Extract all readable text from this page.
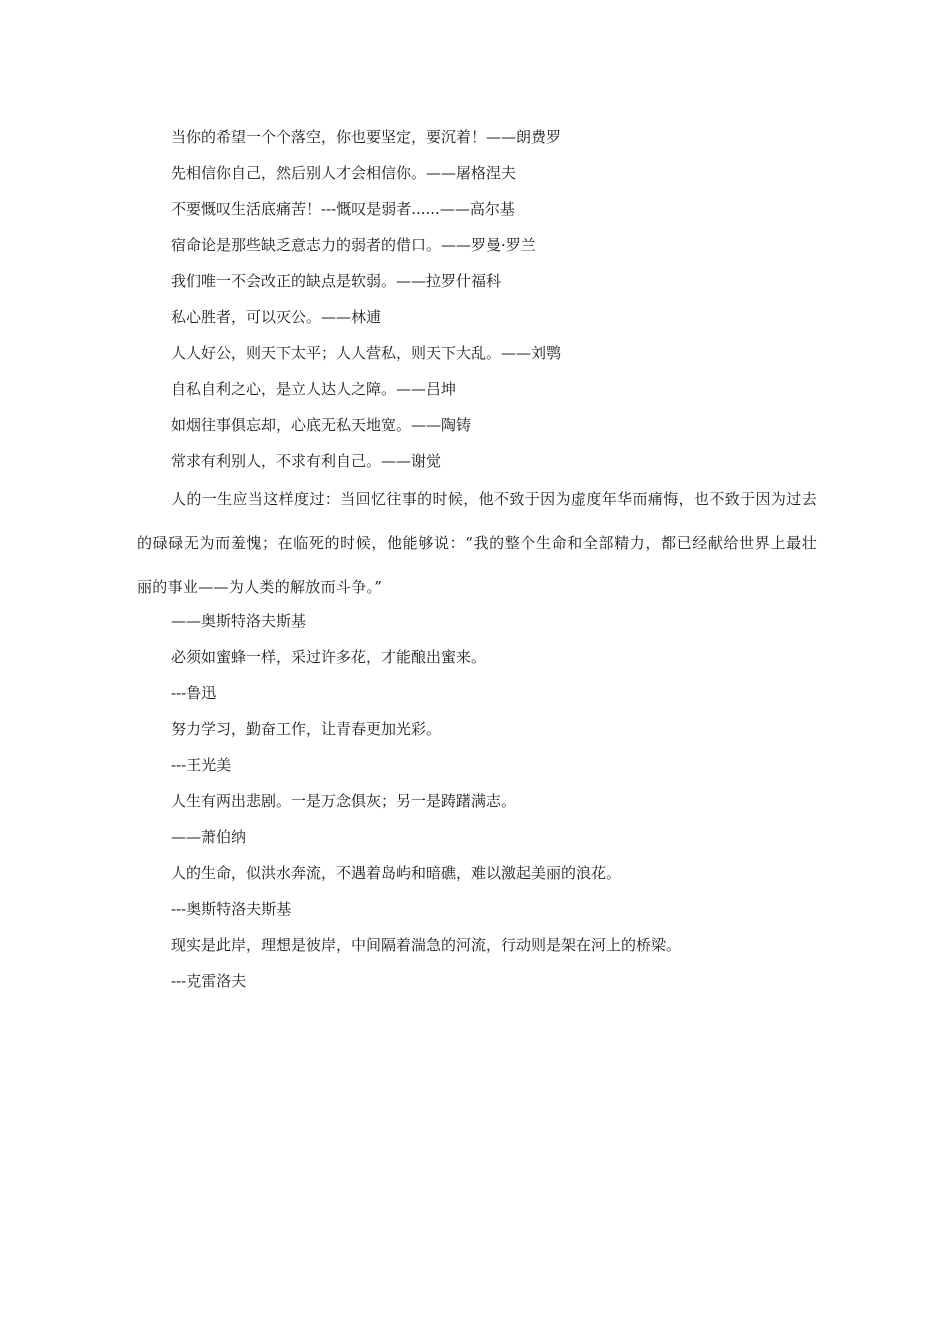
当你的希望一个个落空，你也要坚定，要沉着！——朗费罗
先相信你自己，然后别人才会相信你。——屠格涅夫
不要慨叹生活底痛苦！---慨叹是弱者......——高尔基
宿命论是那些缺乏意志力的弱者的借口。——罗曼·罗兰
我们唯一不会改正的缺点是软弱。——拉罗什福科
私心胜者，可以灭公。——林逋
人人好公，则天下太平；人人营私，则天下大乱。——刘鹗
自私自利之心，是立人达人之障。——吕坤
如烟往事俱忘却，心底无私天地宽。——陶铸
常求有利别人，不求有利自己。——谢觉
人的一生应当这样度过：当回忆往事的时候，他不致于因为虚度年华而痛悔，也不致于因为过去的碌碌无为而羞愧；在临死的时候，他能够说：“我的整个生命和全部精力，都已经献给世界上最壮丽的事业——为人类的解放而斗争。”
——奥斯特洛夫斯基
必须如蜜蜂一样，采过许多花，才能酿出蜜来。
---鲁迅
努力学习，勤奋工作，让青春更加光彩。
---王光美
人生有两出悲剧。一是万念俱灰；另一是踌躇满志。
——萧伯纳
人的生命，似洪水奔流，不遇着岛屿和暗礁，难以激起美丽的浪花。
---奥斯特洛夫斯基
现实是此岸，理想是彼岸，中间隔着湍急的河流，行动则是架在河上的桥梁。
---克雷洛夫
